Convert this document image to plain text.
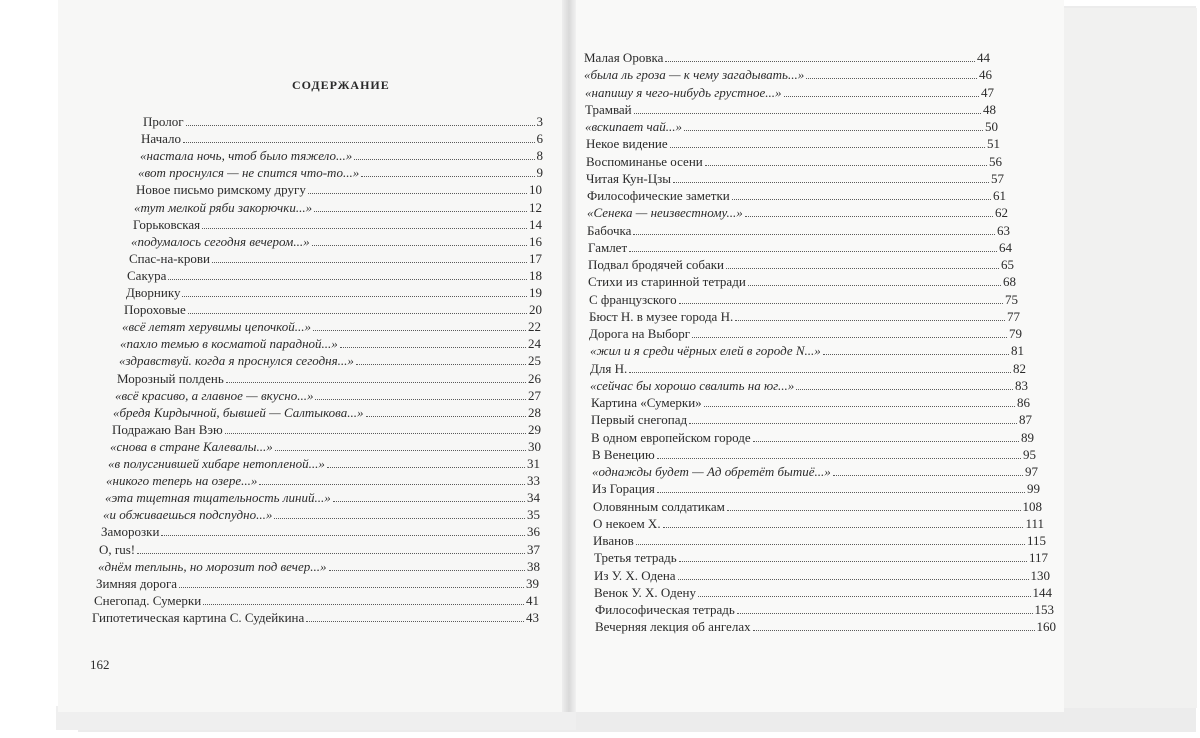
СОДЕРЖАНИЕ
Пролог	3
Начало	6
«настала ночь, чтоб было тяжело...»	8
«вот проснулся — не спится что-то...»	9
Новое письмо римскому другу	10
«тут мелкой ряби закорючки...»	12
Горьковская	14
«подумалось сегодня вечером...»	16
Спас-на-крови	17
Сакура	18
Дворнику	19
Пороховые	20
«всё летят херувимы цепочкой...»	22
«пахло темью в косматой парадной...»	24
«здравствуй. когда я проснулся сегодня...»	25
Морозный полдень	26
«всё красиво, а главное — вкусно...»	27
«бредя Кирдычной, бывшей — Салтыкова...»	28
Подражаю Ван Вэю	29
«снова в стране Калевалы...»	30
«в полусгнившей хибаре нетопленой...»	31
«никого теперь на озере...»	33
«эта тщетная тщательность линий...»	34
«и обживаешься подспудно...»	35
Заморозки	36
O, rus!	37
«днём теплынь, но морозит под вечер...»	38
Зимняя дорога	39
Снегопад. Сумерки	41
Гипотетическая картина С. Судейкина	43
Малая Оровка	44
«была ль гроза — к чему загадывать...»	46
«напишу я чего-нибудь грустное...»	47
Трамвай	48
«вскипает чай...»	50
Некое видение	51
Воспоминанье осени	56
Читая Кун-Цзы	57
Философические заметки	61
«Сенека — неизвестному...»	62
Бабочка	63
Гамлет	64
Подвал бродячей собаки	65
Стихи из старинной тетради	68
С французского	75
Бюст Н. в музее города Н.	77
Дорога на Выборг	79
«жил и я среди чёрных елей в городе N...»	81
Для Н.	82
«сейчас бы хорошо свалить на юг...»	83
Картина «Сумерки»	86
Первый снегопад	87
В одном европейском городе	89
В Венецию	95
«однажды будет — Ад обретёт бытиё...»	97
Из Горация	99
Оловянным солдатикам	108
О некоем Х.	111
Иванов	115
Третья тетрадь	117
Из У. Х. Одена	130
Венок У. Х. Одену	144
Философическая тетрадь	153
Вечерняя лекция об ангелах	160
162
